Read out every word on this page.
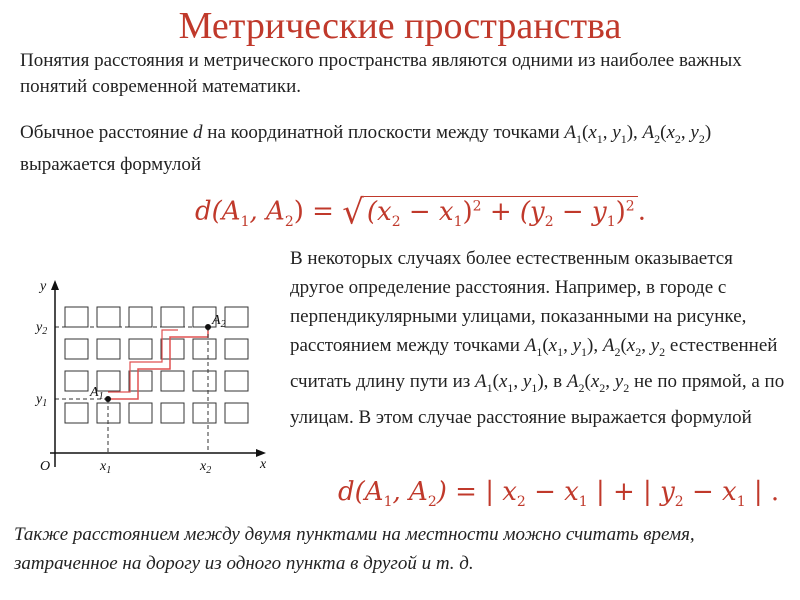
Метрические пространства

Понятия расстояния и метрического пространства являются одними из наиболее важных понятий современной математики.

Обычное расстояние d на координатной плоскости между точками $A_1(x_1$, $y_1$), $A_2(x_2$, $y_2$) выражается формулой

$d(A_1$, $A_2$) = √ $(x_2 - x_1)^2 + (y_2 - y_1)^2$ .
x
y
O	$x_1$	$x_2$
$y_1$
$y_2$
$A_1$
$A_2$

В некоторых случаях более естественным оказывается другое определение расстояния. Например, в городе с перпендикулярными улицами, показанными на рисунке, расстоянием между точками $A_1(x_1$, $y_1$), $A_2(x_2$, $y_2$ естественней считать длину пути из $A_1(x_1$, $y_1$), в $A_2(x_2$, $y_2$ не по прямой, а по улицам. В этом случае расстояние выражается формулой

$d(A_1$, $A_2$) = | $x_2 - x_1$ | + | $y_2 - x_1$ | .

Также расстоянием между двумя пунктами на местности можно считать время, затраченное на дорогу из одного пункта в другой и т. д.
